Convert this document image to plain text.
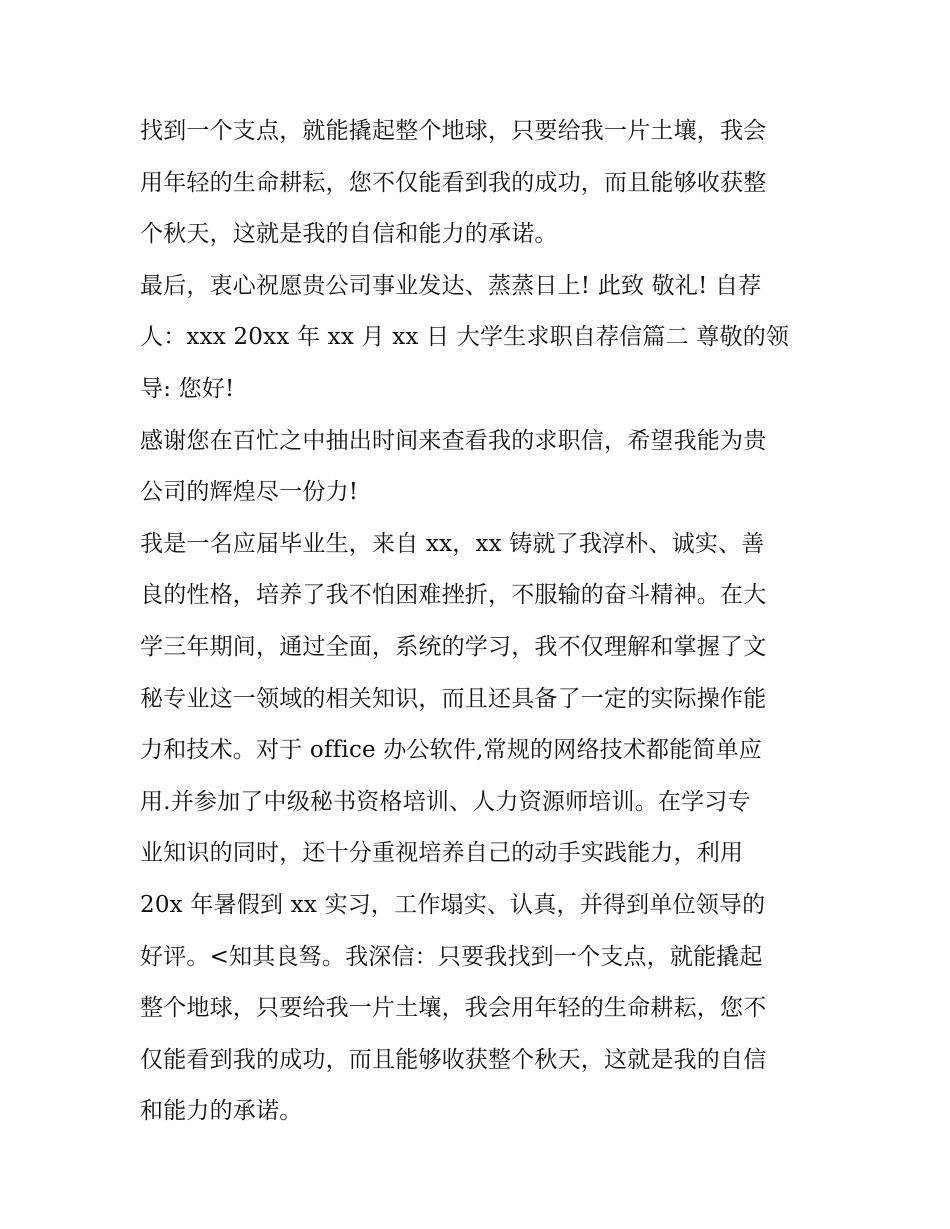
找到一个支点，就能撬起整个地球，只要给我一片土壤，我会
用年轻的生命耕耘，您不仅能看到我的成功，而且能够收获整
个秋天，这就是我的自信和能力的承诺。
最后，衷心祝愿贵公司事业发达、蒸蒸日上! 此致 敬礼! 自荐
人：xxx 20xx 年 xx 月 xx 日 大学生求职自荐信篇二 尊敬的领
导: 您好!
感谢您在百忙之中抽出时间来查看我的求职信，希望我能为贵
公司的辉煌尽一份力!
我是一名应届毕业生，来自 xx，xx 铸就了我淳朴、诚实、善
良的性格，培养了我不怕困难挫折，不服输的奋斗精神。在大
学三年期间，通过全面，系统的学习，我不仅理解和掌握了文
秘专业这一领域的相关知识，而且还具备了一定的实际操作能
力和技术。对于 office 办公软件,常规的网络技术都能简单应
用.并参加了中级秘书资格培训、人力资源师培训。在学习专
业知识的同时，还十分重视培养自己的动手实践能力，利用
20x 年暑假到 xx 实习，工作塌实、认真，并得到单位领导的
好评。<知其良驽。我深信：只要我找到一个支点，就能撬起
整个地球，只要给我一片土壤，我会用年轻的生命耕耘，您不
仅能看到我的成功，而且能够收获整个秋天，这就是我的自信
和能力的承诺。
